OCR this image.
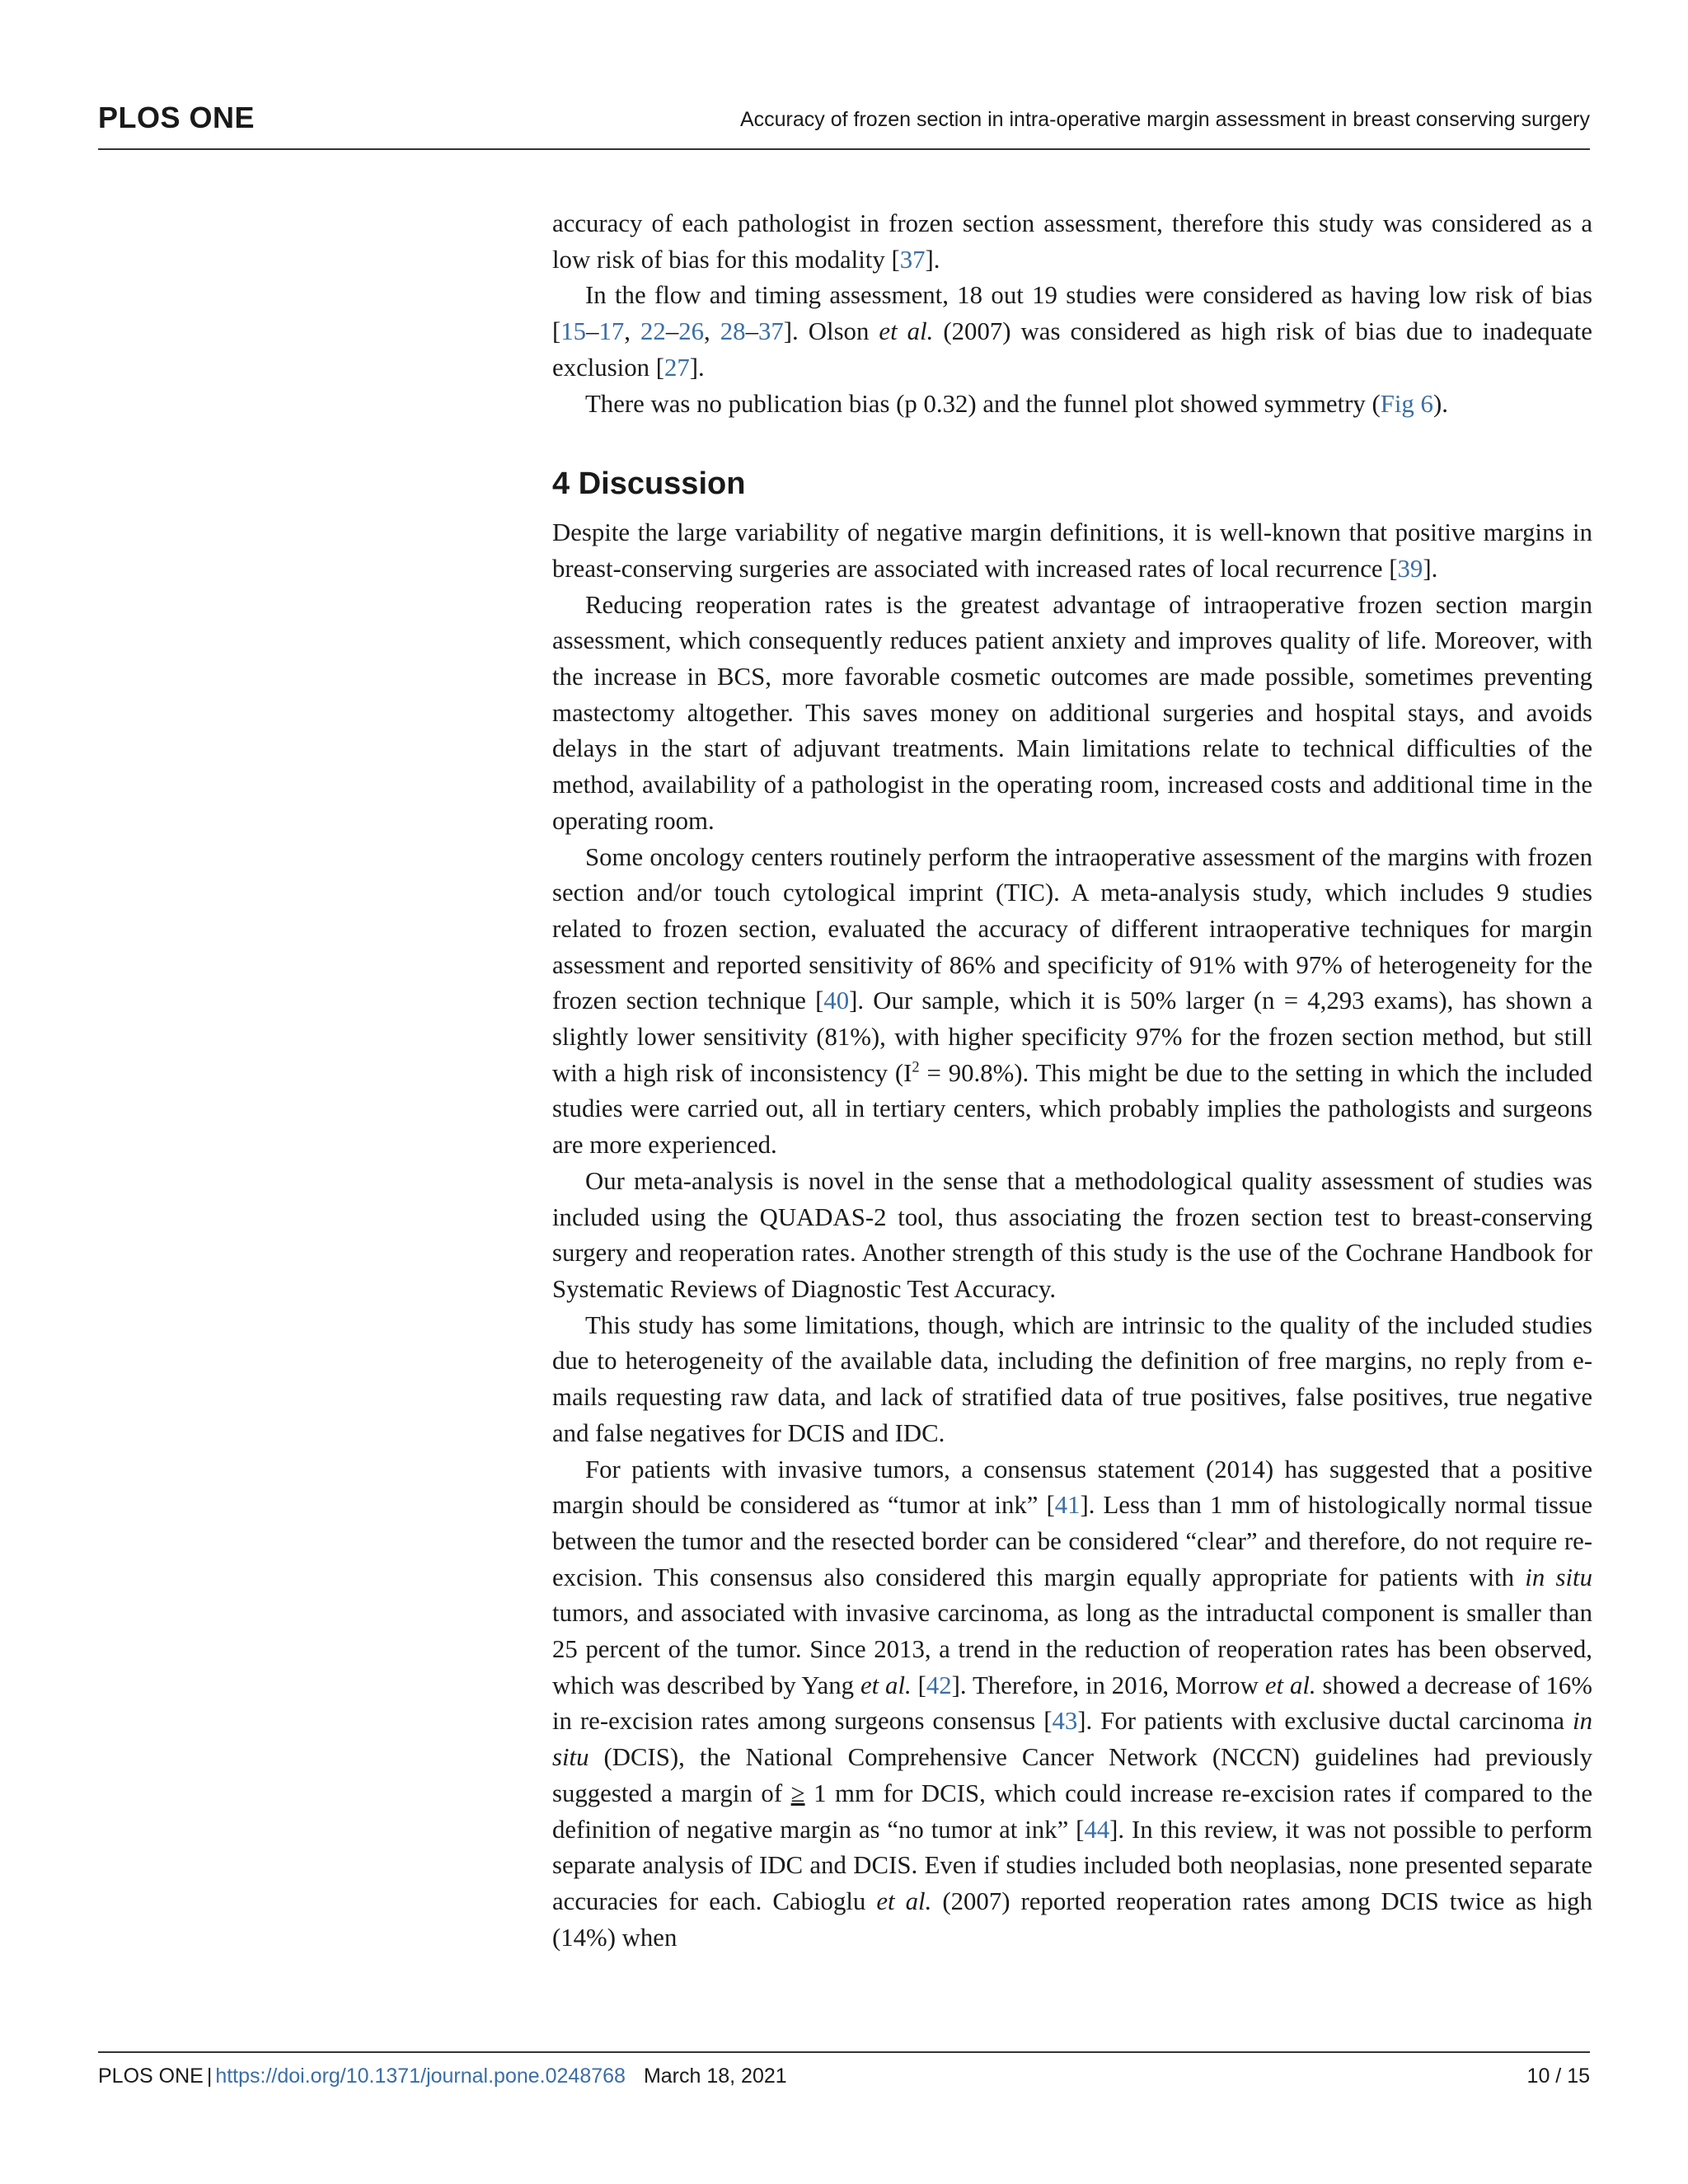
PLOS ONE	Accuracy of frozen section in intra-operative margin assessment in breast conserving surgery

accuracy of each pathologist in frozen section assessment, therefore this study was considered as a low risk of bias for this modality [37].

In the flow and timing assessment, 18 out 19 studies were considered as having low risk of bias [15–17, 22–26, 28–37]. Olson et al. (2007) was considered as high risk of bias due to inadequate exclusion [27].

There was no publication bias (p 0.32) and the funnel plot showed symmetry (Fig 6).

4 Discussion

Despite the large variability of negative margin definitions, it is well-known that positive margins in breast-conserving surgeries are associated with increased rates of local recurrence [39].

Reducing reoperation rates is the greatest advantage of intraoperative frozen section margin assessment, which consequently reduces patient anxiety and improves quality of life. Moreover, with the increase in BCS, more favorable cosmetic outcomes are made possible, sometimes preventing mastectomy altogether. This saves money on additional surgeries and hospital stays, and avoids delays in the start of adjuvant treatments. Main limitations relate to technical difficulties of the method, availability of a pathologist in the operating room, increased costs and additional time in the operating room.

Some oncology centers routinely perform the intraoperative assessment of the margins with frozen section and/or touch cytological imprint (TIC). A meta-analysis study, which includes 9 studies related to frozen section, evaluated the accuracy of different intraoperative techniques for margin assessment and reported sensitivity of 86% and specificity of 91% with 97% of heterogeneity for the frozen section technique [40]. Our sample, which it is 50% larger (n = 4,293 exams), has shown a slightly lower sensitivity (81%), with higher specificity 97% for the frozen section method, but still with a high risk of inconsistency $(I^2 = 90.8\%)$. This might be due to the setting in which the included studies were carried out, all in tertiary centers, which probably implies the pathologists and surgeons are more experienced.

Our meta-analysis is novel in the sense that a methodological quality assessment of studies was included using the QUADAS-2 tool, thus associating the frozen section test to breast-conserving surgery and reoperation rates. Another strength of this study is the use of the Cochrane Handbook for Systematic Reviews of Diagnostic Test Accuracy.

This study has some limitations, though, which are intrinsic to the quality of the included studies due to heterogeneity of the available data, including the definition of free margins, no reply from e-mails requesting raw data, and lack of stratified data of true positives, false positives, true negative and false negatives for DCIS and IDC.

For patients with invasive tumors, a consensus statement (2014) has suggested that a positive margin should be considered as “tumor at ink” [41]. Less than 1 mm of histologically normal tissue between the tumor and the resected border can be considered “clear” and therefore, do not require re-excision. This consensus also considered this margin equally appropriate for patients with in situ tumors, and associated with invasive carcinoma, as long as the intraductal component is smaller than 25 percent of the tumor. Since 2013, a trend in the reduction of reoperation rates has been observed, which was described by Yang et al. [42]. Therefore, in 2016, Morrow et al. showed a decrease of 16% in re-excision rates among surgeons consensus [43]. For patients with exclusive ductal carcinoma in situ (DCIS), the National Comprehensive Cancer Network (NCCN) guidelines had previously suggested a margin of ≥ 1 mm for DCIS, which could increase re-excision rates if compared to the definition of negative margin as “no tumor at ink” [44]. In this review, it was not possible to perform separate analysis of IDC and DCIS. Even if studies included both neoplasias, none presented separate accuracies for each. Cabioglu et al. (2007) reported reoperation rates among DCIS twice as high (14%) when

PLOS ONE | https://doi.org/10.1371/journal.pone.0248768 March 18, 2021	10 / 15
